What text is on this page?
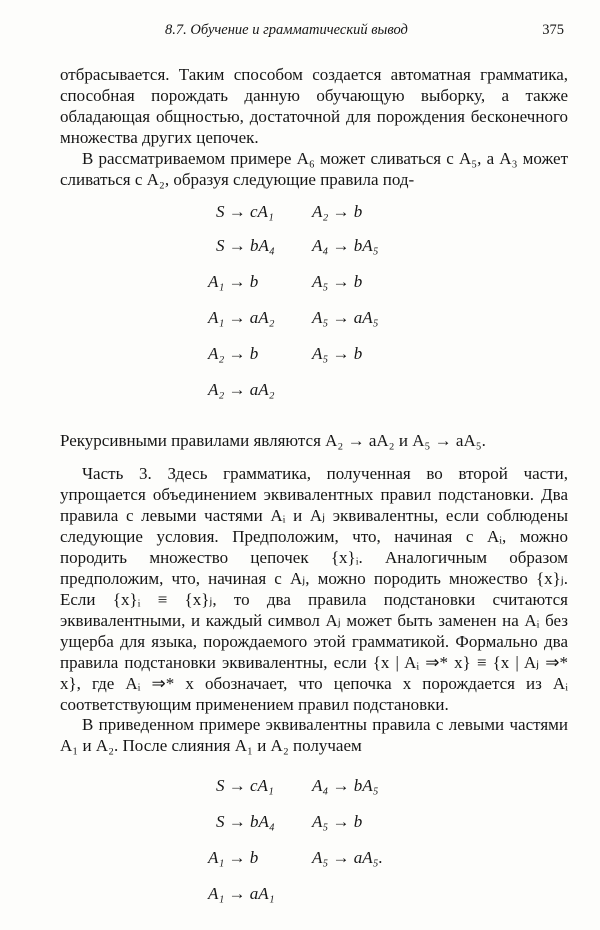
8.7. Обучение и грамматический вывод	375
отбрасывается. Таким способом создается автоматная грамматика, способная порождать данную обучающую выборку, а также обладающая общностью, достаточной для порождения бесконечного множества других цепочек.
В рассматриваемом примере A₆ может сливаться с A₅, а A₃ может сливаться с A₂, образуя следующие правила под-
S → cA₁ A₂ → b
S → bA₄ A₄ → bA₅
A₁ → b	A₅ → b
A₁ → aA₂ A₅ → aA₅
A₂ → b	A₅ → b
A₂ → aA₂
Рекурсивными правилами являются A₂ → aA₂ и A₅ → aA₅.
Часть 3. Здесь грамматика, полученная во второй части, упрощается объединением эквивалентных правил подстановки. Два правила с левыми частями Aᵢ и Aⱼ эквивалентны, если соблюдены следующие условия. Предположим, что, начиная с Aᵢ, можно породить множество цепочек {x}ᵢ. Аналогичным образом предположим, что, начиная с Aⱼ, можно породить множество {x}ⱼ. Если {x}ᵢ ≡ {x}ⱼ, то два правила подстановки считаются эквивалентными, и каждый символ Aⱼ может быть заменен на Aᵢ без ущерба для языка, порождаемого этой грамматикой. Формально два правила подстановки эквивалентны, если {x | Aᵢ ⇒* x} ≡ {x | Aⱼ ⇒* x}, где Aᵢ ⇒* x обозначает, что цепочка x порождается из Aᵢ соответствующим применением правил подстановки.
В приведенном примере эквивалентны правила с левыми частями A₁ и A₂. После слияния A₁ и A₂ получаем
S → cA₁ A₄ → bA₅
S → bA₄ A₅ → b
A₁ → b	A₅ → aA₅.
A₁ → aA₁
